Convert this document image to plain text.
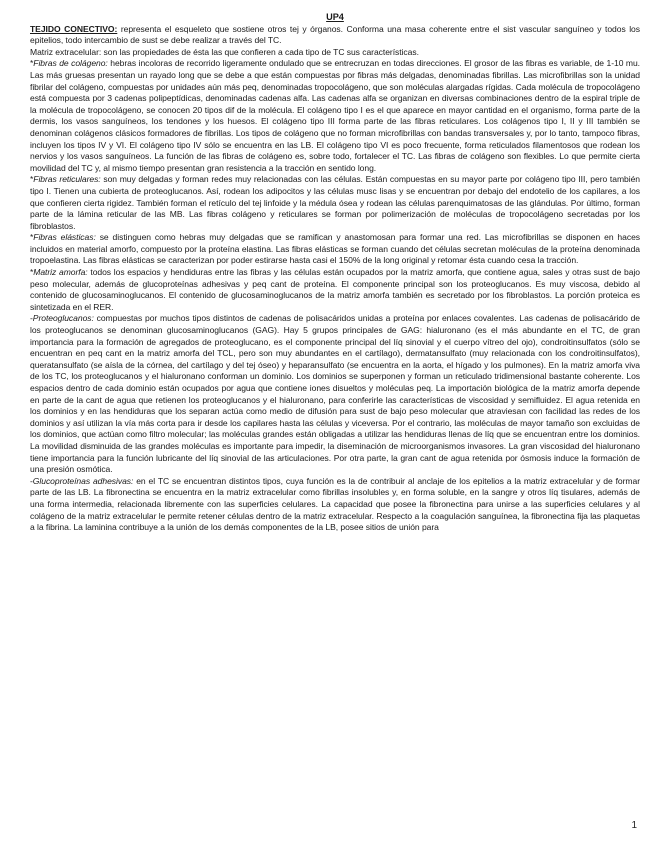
UP4

TEJIDO CONECTIVO: representa el esqueleto que sostiene otros tej y órganos. Conforma una masa coherente entre el sist vascular sanguíneo y todos los epitelios, todo intercambio de sust se debe realizar a través del TC.

Matriz extracelular: son las propiedades de ésta las que confieren a cada tipo de TC sus características.

*Fibras de colágeno: hebras incoloras de recorrido ligeramente ondulado que se entrecruzan en todas direcciones. El grosor de las fibras es variable, de 1-10 mu. Las más gruesas presentan un rayado long que se debe a que están compuestas por fibras más delgadas, denominadas fibrillas. Las microfibrillas son la unidad fibrilar del colágeno, compuestas por unidades aún más peq, denominadas tropocolágeno, que son moléculas alargadas rígidas. Cada molécula de tropocolágeno está compuesta por 3 cadenas polipeptídicas, denominadas cadenas alfa. Las cadenas alfa se organizan en diversas combinaciones dentro de la espiral triple de la molécula de tropocolágeno, se conocen 20 tipos dif de la molécula. El colágeno tipo I es el que aparece en mayor cantidad en el organismo, forma parte de la dermis, los vasos sanguíneos, los tendones y los huesos. El colágeno tipo III forma parte de las fibras reticulares. Los colágenos tipo I, II y III también se denominan colágenos clásicos formadores de fibrillas. Los tipos de colágeno que no forman microfibrillas con bandas transversales y, por lo tanto, tampoco fibras, incluyen los tipos IV y VI. El colágeno tipo IV sólo se encuentra en las LB. El colágeno tipo VI es poco frecuente, forma reticulados filamentosos que rodean los nervios y los vasos sanguíneos. La función de las fibras de colágeno es, sobre todo, fortalecer el TC. Las fibras de colágeno son flexibles. Lo que permite cierta movilidad del TC y, al mismo tiempo presentan gran resistencia a la tracción en sentido long.

*Fibras reticulares: son muy delgadas y forman redes muy relacionadas con las células. Están compuestas en su mayor parte por colágeno tipo III, pero también tipo I. Tienen una cubierta de proteoglucanos. Así, rodean los adipocitos y las células musc lisas y se encuentran por debajo del endotelio de los capilares, a los que confieren cierta rigidez. También forman el retículo del tej linfoide y la médula ósea y rodean las células parenquimatosas de las glándulas. Por último, forman parte de la lámina reticular de las MB. Las fibras colágeno y reticulares se forman por polimerización de moléculas de tropocolágeno secretadas por los fibroblastos.

*Fibras elásticas: se distinguen como hebras muy delgadas que se ramifican y anastomosan para formar una red. Las microfibrillas se disponen en haces incluidos en material amorfo, compuesto por la proteína elastina. Las fibras elásticas se forman cuando det células secretan moléculas de la proteína denominada tropoelastina. Las fibras elásticas se caracterizan por poder estirarse hasta casi el 150% de la long original y retomar ésta cuando cesa la tracción.

*Matriz amorfa: todos los espacios y hendiduras entre las fibras y las células están ocupados por la matriz amorfa, que contiene agua, sales y otras sust de bajo peso molecular, además de glucoproteínas adhesivas y peq cant de proteína. El componente principal son los proteoglucanos. Es muy viscosa, debido al contenido de glucosaminoglucanos. El contenido de glucosaminoglucanos de la matriz amorfa también es secretado por los fibroblastos. La porción proteica es sintetizada en el RER.

-Proteoglucanos: compuestas por muchos tipos distintos de cadenas de polisacáridos unidas a proteína por enlaces covalentes. Las cadenas de polisacárido de los proteoglucanos se denominan glucosaminoglucanos (GAG). Hay 5 grupos principales de GAG: hialuronano (es el más abundante en el TC, de gran importancia para la formación de agregados de proteoglucano, es el componente principal del líq sinovial y el cuerpo vítreo del ojo), condroitinsulfatos (sólo se encuentran en peq cant en la matriz amorfa del TCL, pero son muy abundantes en el cartílago), dermatansulfato (muy relacionada con los condroitinsulfatos), queratansulfato (se aísla de la córnea, del cartílago y del tej óseo) y heparansulfato (se encuentra en la aorta, el hígado y los pulmones). En la matriz amorfa viva de los TC, los proteoglucanos y el hialuronano conforman un dominio. Los dominios se superponen y forman un reticulado tridimensional bastante coherente. Los espacios dentro de cada dominio están ocupados por agua que contiene iones disueltos y moléculas peq. La importación biológica de la matriz amorfa depende en parte de la cant de agua que retienen los proteoglucanos y el hialuronano, para conferirle las características de viscosidad y semifluidez. El agua retenida en los dominios y en las hendiduras que los separan actúa como medio de difusión para sust de bajo peso molecular que atraviesan con facilidad las redes de los dominios y así utilizan la vía más corta para ir desde los capilares hasta las células y viceversa. Por el contrario, las moléculas de mayor tamaño son excluidas de los dominios, que actúan como filtro molecular; las moléculas grandes están obligadas a utilizar las hendiduras llenas de líq que se encuentran entre los dominios. La movilidad disminuida de las grandes moléculas es importante para impedir, la diseminación de microorganismos invasores. La gran viscosidad del hialuronano tiene importancia para la función lubricante del líq sinovial de las articulaciones. Por otra parte, la gran cant de agua retenida por ósmosis induce la formación de una presión osmótica.

-Glucoproteínas adhesivas: en el TC se encuentran distintos tipos, cuya función es la de contribuir al anclaje de los epitelios a la matriz extracelular y de formar parte de las LB. La fibronectina se encuentra en la matriz extracelular como fibrillas insolubles y, en forma soluble, en la sangre y otros líq tisulares, además de una forma intermedia, relacionada libremente con las superficies celulares. La capacidad que posee la fibronectina para unirse a las superficies celulares y al colágeno de la matriz extracelular le permite retener células dentro de la matriz extracelular. Respecto a la coagulación sanguínea, la fibronectina fija las plaquetas a la fibrina. La laminina contribuye a la unión de los demás componentes de la LB, posee sitios de unión para

1
